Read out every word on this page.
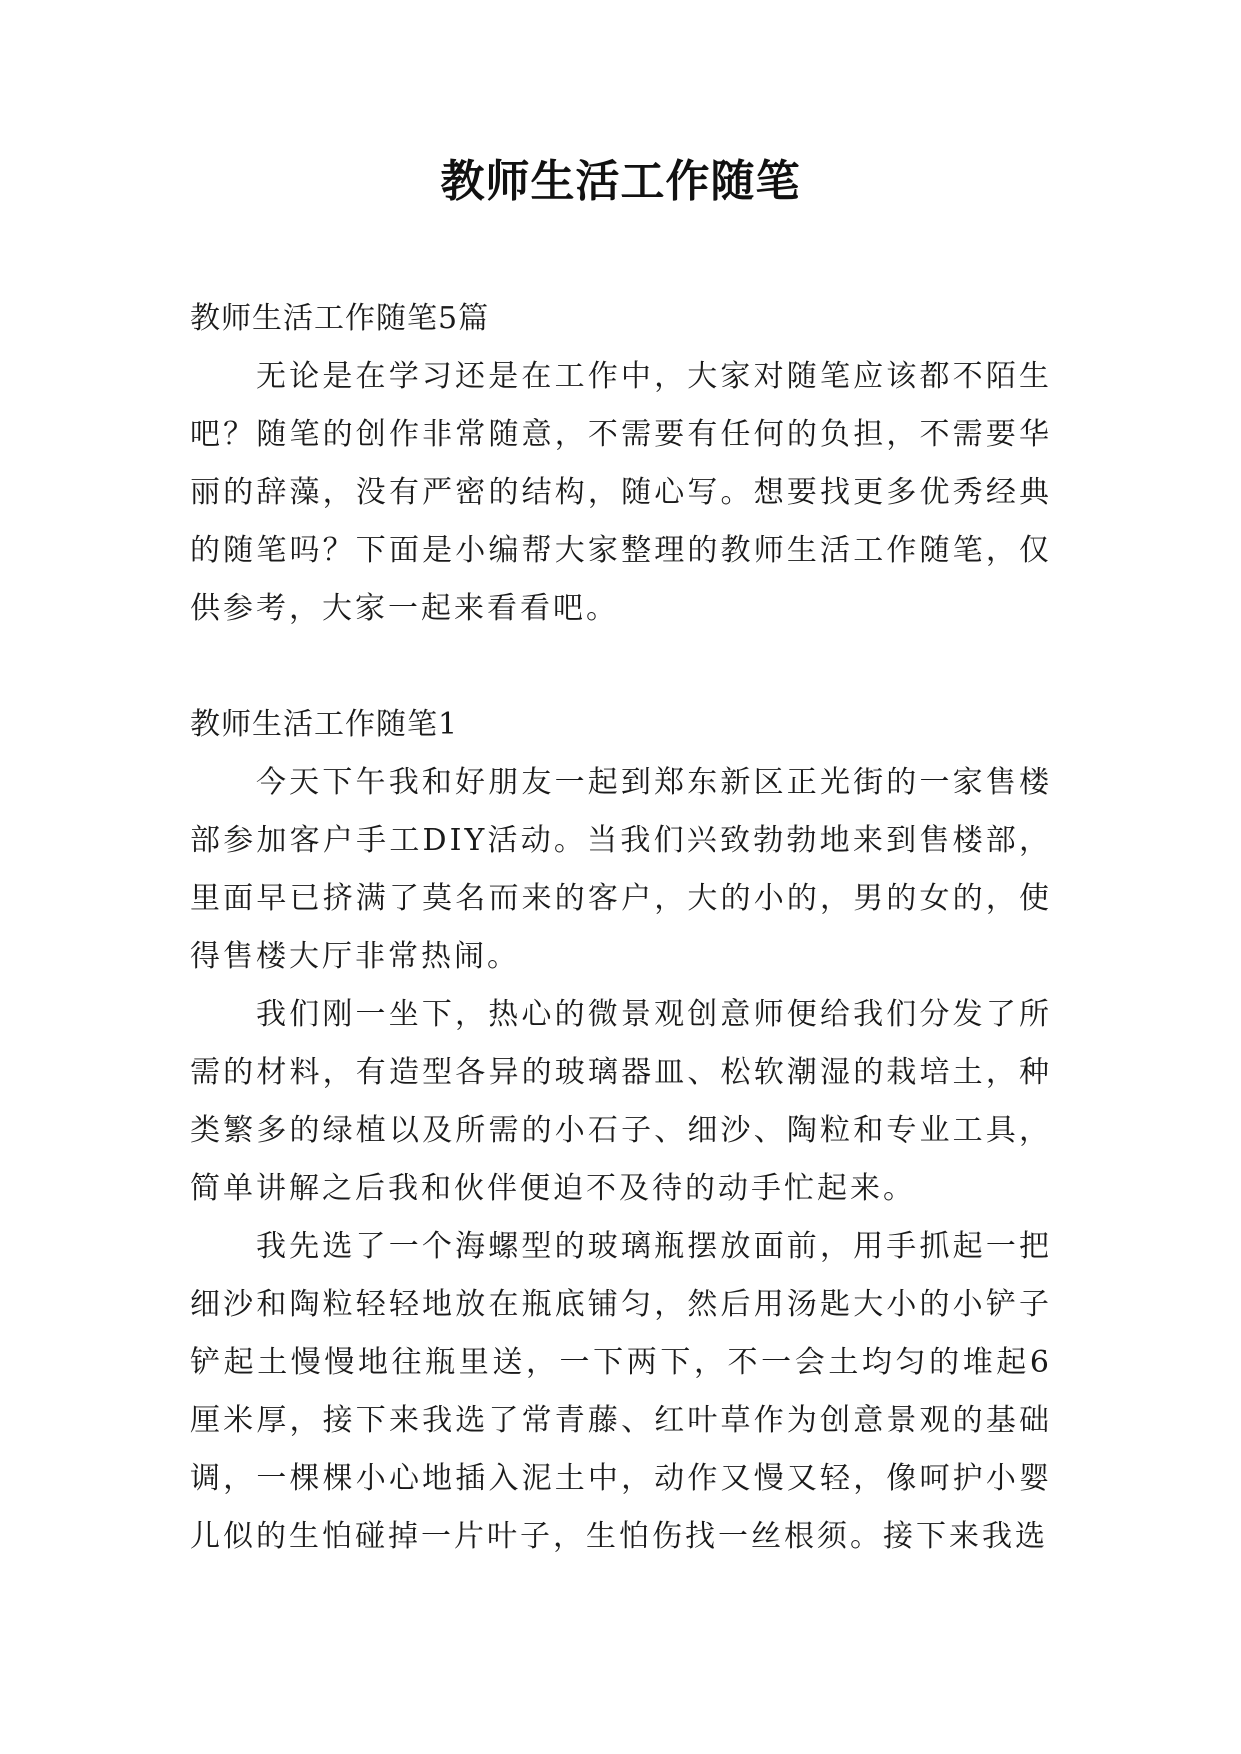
教师生活工作随笔
教师生活工作随笔5篇
无论是在学习还是在工作中，大家对随笔应该都不陌生吧？随笔的创作非常随意，不需要有任何的负担，不需要华丽的辞藻，没有严密的结构，随心写。想要找更多优秀经典的随笔吗？下面是小编帮大家整理的教师生活工作随笔，仅供参考，大家一起来看看吧。
教师生活工作随笔1
今天下午我和好朋友一起到郑东新区正光街的一家售楼部参加客户手工DIY活动。当我们兴致勃勃地来到售楼部，里面早已挤满了莫名而来的客户，大的小的，男的女的，使得售楼大厅非常热闹。
我们刚一坐下，热心的微景观创意师便给我们分发了所需的材料，有造型各异的玻璃器皿、松软潮湿的栽培土，种类繁多的绿植以及所需的小石子、细沙、陶粒和专业工具，简单讲解之后我和伙伴便迫不及待的动手忙起来。
我先选了一个海螺型的玻璃瓶摆放面前，用手抓起一把细沙和陶粒轻轻地放在瓶底铺匀，然后用汤匙大小的小铲子铲起土慢慢地往瓶里送，一下两下，不一会土均匀的堆起6厘米厚，接下来我选了常青藤、红叶草作为创意景观的基础调，一棵棵小心地插入泥土中，动作又慢又轻，像呵护小婴儿似的生怕碰掉一片叶子，生怕伤找一丝根须。接下来我选
